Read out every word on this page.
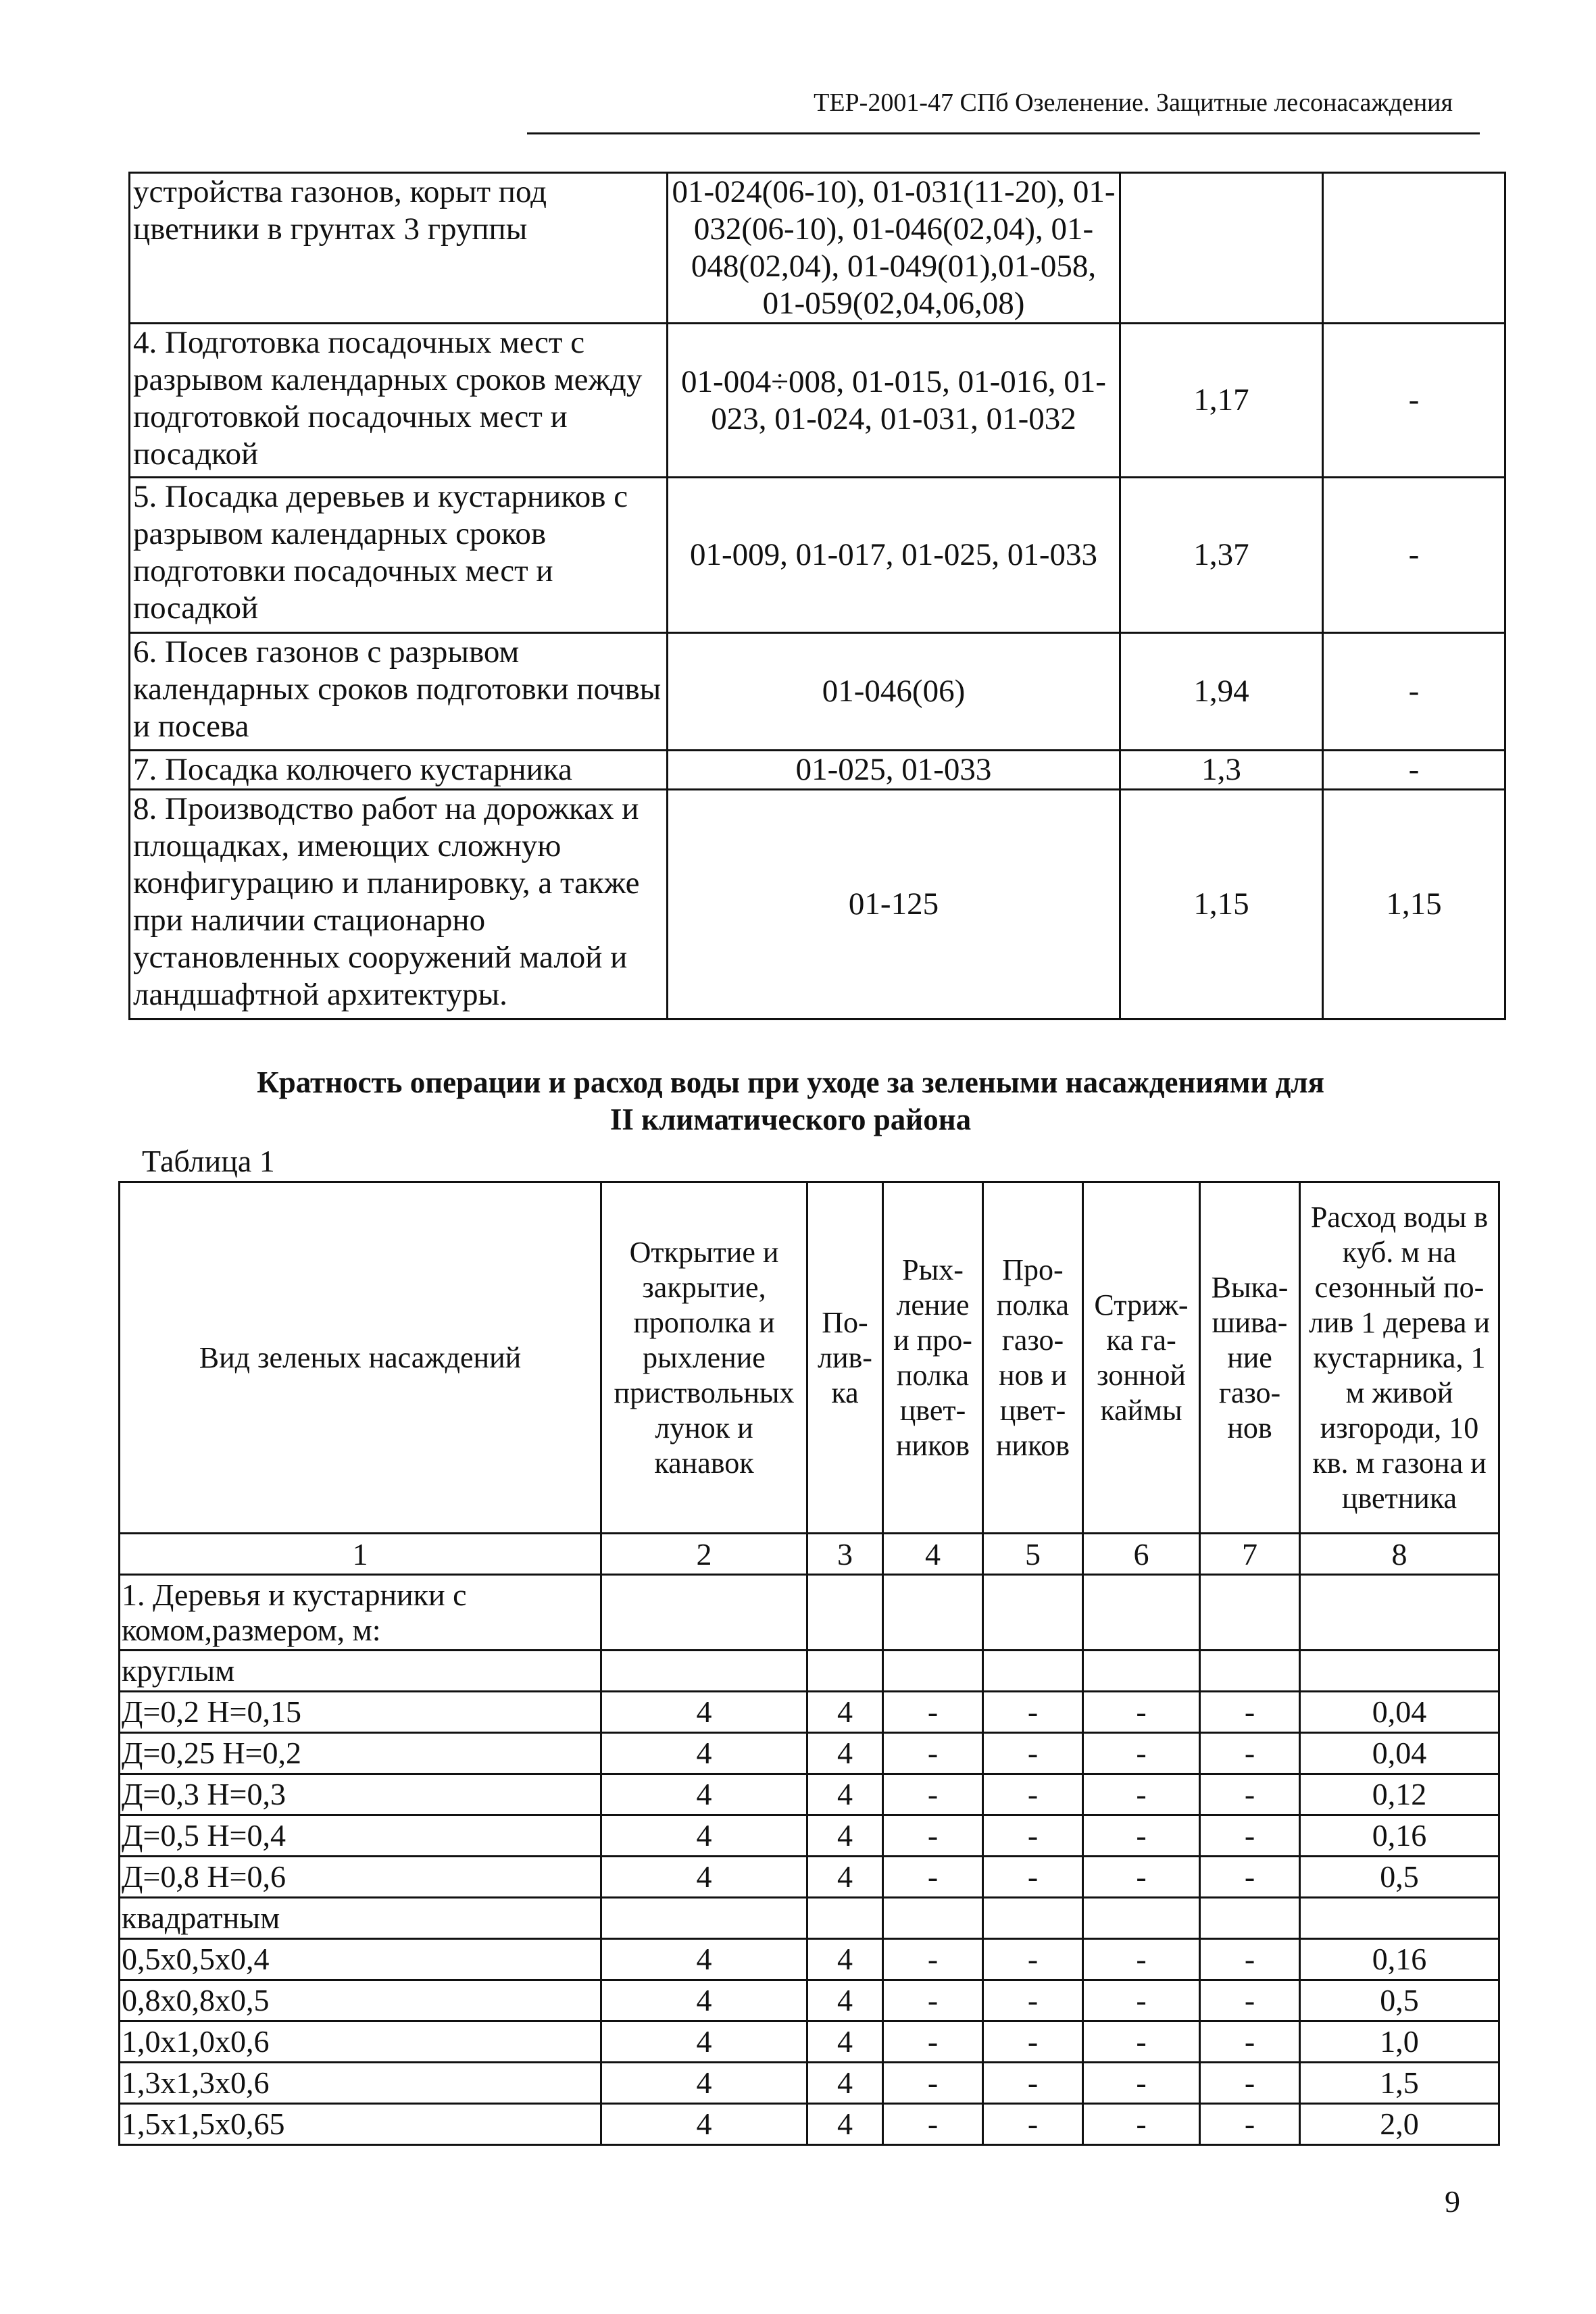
ТЕР-2001-47 СПб Озеленение. Защитные лесонасаждения
устройства газонов, корыт под цветники в грунтах 3 группы	01-024(06-10), 01-031(11-20), 01-032(06-10), 01-046(02,04), 01-048(02,04), 01-049(01),01-058, 01-059(02,04,06,08)		
4. Подготовка посадочных мест с разрывом календарных сроков между подготовкой посадочных мест и посадкой	01-004÷008, 01-015, 01-016, 01-023, 01-024, 01-031, 01-032	1,17	-
5. Посадка деревьев и кустарников с разрывом календарных сроков подготовки посадочных мест и посадкой	01-009, 01-017, 01-025, 01-033	1,37	-
6. Посев газонов с разрывом календарных сроков подготовки почвы и посева	01-046(06)	1,94	-
7. Посадка колючего кустарника	01-025, 01-033	1,3	-
8. Производство работ на дорожках и площадках, имеющих сложную конфигурацию и планировку, а также при наличии стационарно установленных сооружений малой и ландшафтной архитектуры.	01-125	1,15	1,15
Кратность операции и расход воды при уходе за зелеными насаждениями для
II климатического района
Таблица 1
Вид зеленых насаждений	Открытие и закрытие, прополка и рыхление приствольных лунок и канавок	По-лив-ка	Рых-ление и про-полка цвет-ников	Про-полка газо-нов и цвет-ников	Стриж-ка га-зонной каймы	Выка-шива-ние газо-нов	Расход воды в куб. м на сезонный по-лив 1 дерева и кустарника, 1 м живой изгороди, 10 кв. м газона и цветника
1	2	3	4	5	6	7	8
1. Деревья и кустарники с комом,размером, м:							
круглым							
Д=0,2 Н=0,15	4	4	-	-	-	-	0,04
Д=0,25 Н=0,2	4	4	-	-	-	-	0,04
Д=0,3 Н=0,3	4	4	-	-	-	-	0,12
Д=0,5 Н=0,4	4	4	-	-	-	-	0,16
Д=0,8 Н=0,6	4	4	-	-	-	-	0,5
квадратным							
0,5х0,5х0,4	4	4	-	-	-	-	0,16
0,8х0,8х0,5	4	4	-	-	-	-	0,5
1,0х1,0х0,6	4	4	-	-	-	-	1,0
1,3х1,3х0,6	4	4	-	-	-	-	1,5
1,5х1,5х0,65	4	4	-	-	-	-	2,0
9
